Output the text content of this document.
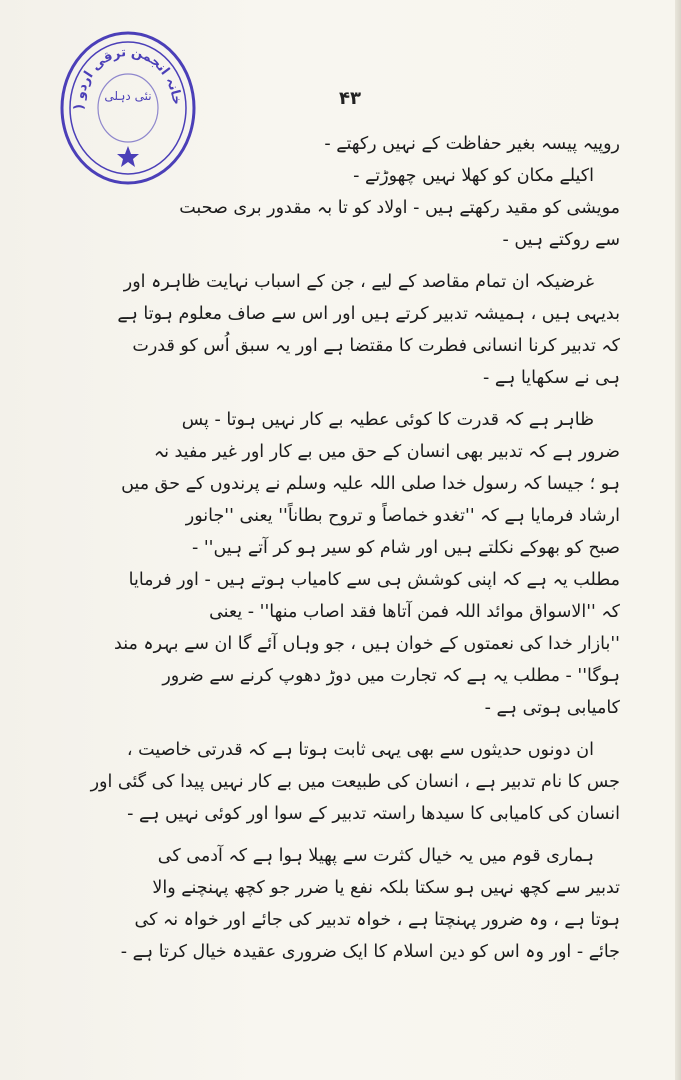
خانہ انجمن ترقی اردو (
نئی دہلی	۴۳
روپیہ پیسہ بغیر حفاظت کے نہیں رکھتے -
اکیلے مکان کو کھلا نہیں چھوڑتے -
مویشی کو مقید رکھتے ہیں - اولاد کو تا بہ مقدور بری صحبت
سے روکتے ہیں -
غرضیکہ ان تمام مقاصد کے لیے ، جن کے اسباب نہایت ظاہرہ اور
بدیہی ہیں ، ہمیشہ تدبیر کرتے ہیں اور اس سے صاف معلوم ہوتا ہے
کہ تدبیر کرنا انسانی فطرت کا مقتضا ہے اور یہ سبق اُس کو قدرت
ہی نے سکھایا ہے -
ظاہر ہے کہ قدرت کا کوئی عطیہ بے کار نہیں ہوتا - پس
ضرور ہے کہ تدبیر بھی انسان کے حق میں بے کار اور غیر مفید نہ
ہو ؛ جیسا کہ رسول خدا صلی اللہ علیہ وسلم نے پرندوں کے حق میں
ارشاد فرمایا ہے کہ ''تغدو خماصاً و تروح بطاناً'' یعنی ''جانور
صبح کو بھوکے نکلتے ہیں اور شام کو سیر ہو کر آتے ہیں'' -
مطلب یہ ہے کہ اپنی کوشش ہی سے کامیاب ہوتے ہیں - اور فرمایا
کہ ''الاسواق موائد اللہ فمن آتاھا فقد اصاب منھا'' - یعنی
''بازار خدا کی نعمتوں کے خوان ہیں ، جو وہاں آئے گا ان سے بہرہ مند
ہوگا'' - مطلب یہ ہے کہ تجارت میں دوڑ دھوپ کرنے سے ضرور
کامیابی ہوتی ہے -
ان دونوں حدیثوں سے بھی یہی ثابت ہوتا ہے کہ قدرتی خاصیت ،
جس کا نام تدبیر ہے ، انسان کی طبیعت میں بے کار نہیں پیدا کی گئی اور
انسان کی کامیابی کا سیدھا راستہ تدبیر کے سوا اور کوئی نہیں ہے -
ہماری قوم میں یہ خیال کثرت سے پھیلا ہوا ہے کہ آدمی کی
تدبیر سے کچھ نہیں ہو سکتا بلکہ نفع یا ضرر جو کچھ پہنچنے والا
ہوتا ہے ، وہ ضرور پہنچتا ہے ، خواہ تدبیر کی جائے اور خواہ نہ کی
جائے - اور وہ اس کو دین اسلام کا ایک ضروری عقیدہ خیال کرتا ہے -
